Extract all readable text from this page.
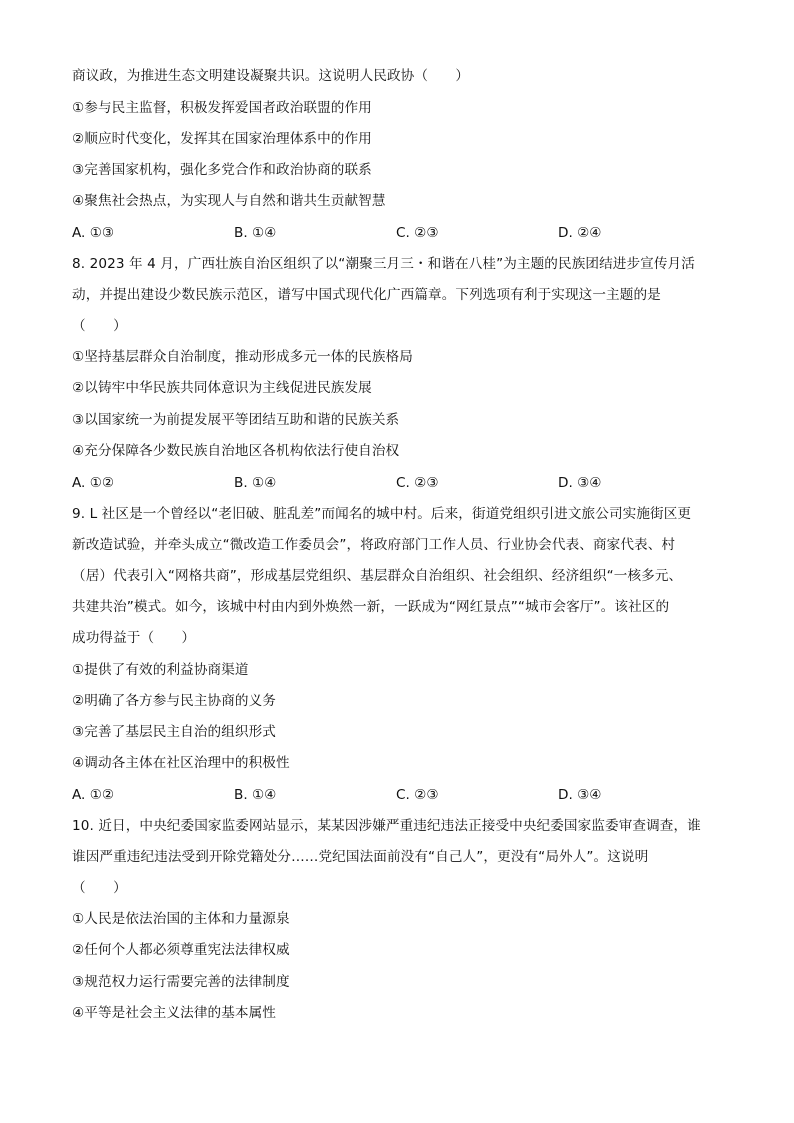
商议政，为推进生态文明建设凝聚共识。这说明人民政协（　　）
①参与民主监督，积极发挥爱国者政治联盟的作用
②顺应时代变化，发挥其在国家治理体系中的作用
③完善国家机构，强化多党合作和政治协商的联系
④聚焦社会热点，为实现人与自然和谐共生贡献智慧
A. ①③	B. ①④	C. ②③	D. ②④
8. 2023 年 4 月，广西壮族自治区组织了以“潮聚三月三・和谐在八桂”为主题的民族团结进步宣传月活
动，并提出建设少数民族示范区，谱写中国式现代化广西篇章。下列选项有利于实现这一主题的是
（　　）
①坚持基层群众自治制度，推动形成多元一体的民族格局
②以铸牢中华民族共同体意识为主线促进民族发展
③以国家统一为前提发展平等团结互助和谐的民族关系
④充分保障各少数民族自治地区各机构依法行使自治权
A. ①②	B. ①④	C. ②③	D. ③④
9. L 社区是一个曾经以“老旧破、脏乱差”而闻名的城中村。后来，街道党组织引进文旅公司实施街区更
新改造试验，并牵头成立“微改造工作委员会”，将政府部门工作人员、行业协会代表、商家代表、村
（居）代表引入“网格共商”，形成基层党组织、基层群众自治组织、社会组织、经济组织“一核多元、
共建共治”模式。如今，该城中村由内到外焕然一新，一跃成为“网红景点”“城市会客厅”。该社区的
成功得益于（　　）
①提供了有效的利益协商渠道
②明确了各方参与民主协商的义务
③完善了基层民主自治的组织形式
④调动各主体在社区治理中的积极性
A. ①②	B. ①④	C. ②③	D. ③④
10. 近日，中央纪委国家监委网站显示，某某因涉嫌严重违纪违法正接受中央纪委国家监委审查调查，谁
谁因严重违纪违法受到开除党籍处分……党纪国法面前没有“自己人”，更没有“局外人”。这说明
（　　）
①人民是依法治国的主体和力量源泉
②任何个人都必须尊重宪法法律权威
③规范权力运行需要完善的法律制度
④平等是社会主义法律的基本属性
